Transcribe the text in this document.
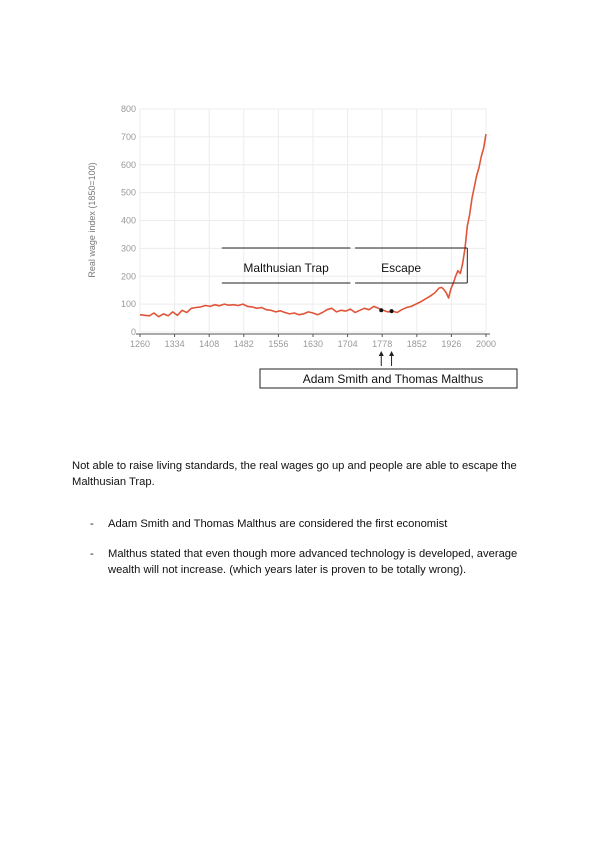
0
100
200
300
400
500
600
700
800
1260 1334 1408 1482 1556 1630 1704 1778 1852 1926 2000
Malthusian Trap	Escape
Adam Smith and Thomas Malthus
Real wage index (1850=100)

Not able to raise living standards, the real wages go up and people are able to escape the Malthusian Trap.

- Adam Smith and Thomas Malthus are considered the first economist
- Malthus stated that even though more advanced technology is developed, average wealth will not increase. (which years later is proven to be totally wrong).
